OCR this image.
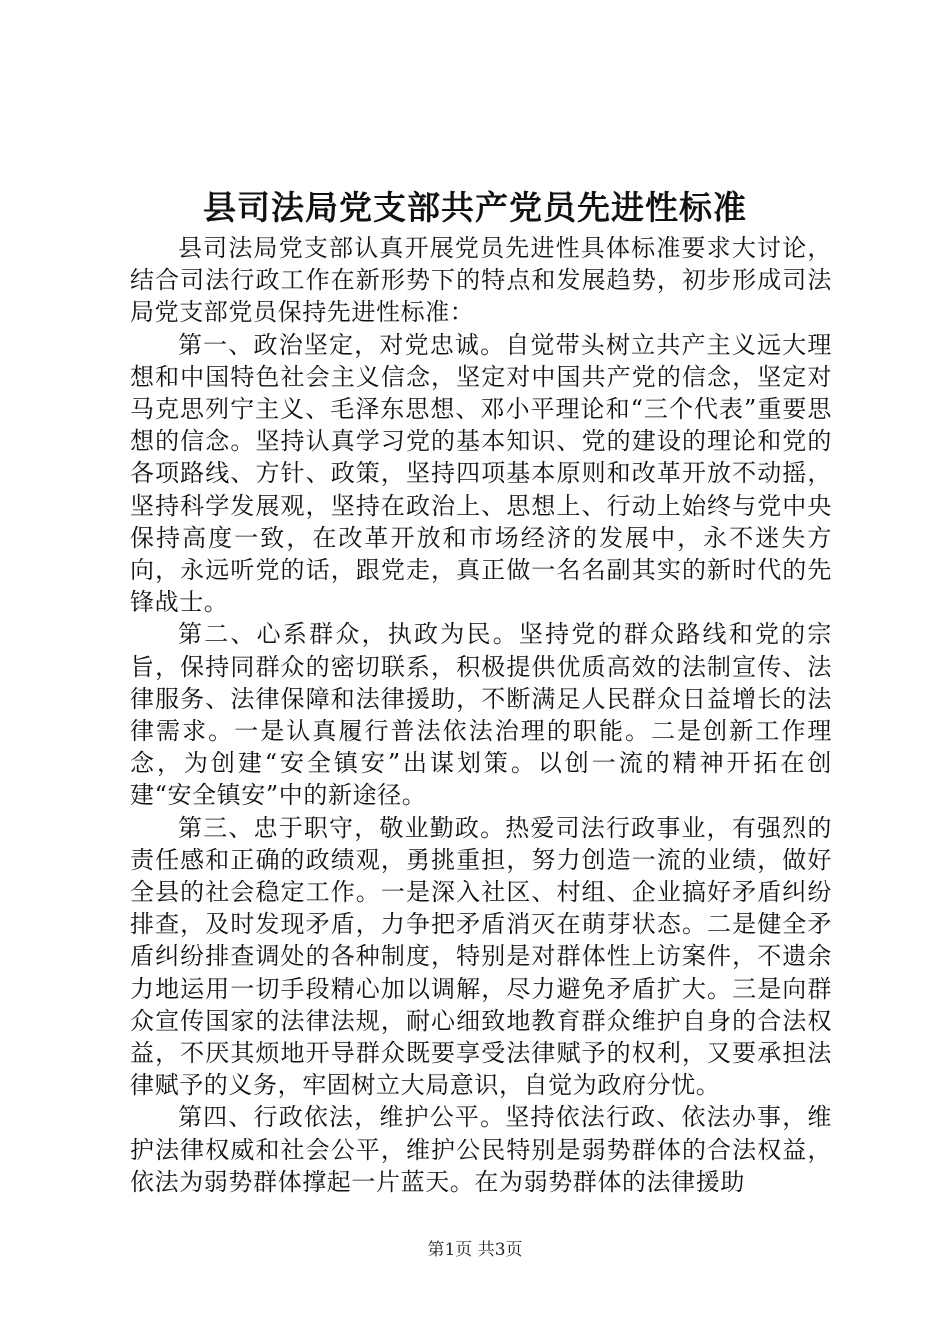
县司法局党支部共产党员先进性标准

县司法局党支部认真开展党员先进性具体标准要求大讨论，结合司法行政工作在新形势下的特点和发展趋势，初步形成司法局党支部党员保持先进性标准：

第一、政治坚定，对党忠诚。自觉带头树立共产主义远大理想和中国特色社会主义信念，坚定对中国共产党的信念，坚定对马克思列宁主义、毛泽东思想、邓小平理论和“三个代表”重要思想的信念。坚持认真学习党的基本知识、党的建设的理论和党的各项路线、方针、政策，坚持四项基本原则和改革开放不动摇，坚持科学发展观，坚持在政治上、思想上、行动上始终与党中央保持高度一致，在改革开放和市场经济的发展中，永不迷失方向，永远听党的话，跟党走，真正做一名名副其实的新时代的先锋战士。

第二、心系群众，执政为民。坚持党的群众路线和党的宗旨，保持同群众的密切联系，积极提供优质高效的法制宣传、法律服务、法律保障和法律援助，不断满足人民群众日益增长的法律需求。一是认真履行普法依法治理的职能。二是创新工作理念，为创建“安全镇安”出谋划策。以创一流的精神开拓在创建“安全镇安”中的新途径。

第三、忠于职守，敬业勤政。热爱司法行政事业，有强烈的责任感和正确的政绩观，勇挑重担，努力创造一流的业绩，做好全县的社会稳定工作。一是深入社区、村组、企业搞好矛盾纠纷排查，及时发现矛盾，力争把矛盾消灭在萌芽状态。二是健全矛盾纠纷排查调处的各种制度，特别是对群体性上访案件，不遗余力地运用一切手段精心加以调解，尽力避免矛盾扩大。三是向群众宣传国家的法律法规，耐心细致地教育群众维护自身的合法权益，不厌其烦地开导群众既要享受法律赋予的权利，又要承担法律赋予的义务，牢固树立大局意识，自觉为政府分忧。

第四、行政依法，维护公平。坚持依法行政、依法办事，维护法律权威和社会公平，维护公民特别是弱势群体的合法权益，依法为弱势群体撑起一片蓝天。在为弱势群体的法律援助

第1页 共3页
